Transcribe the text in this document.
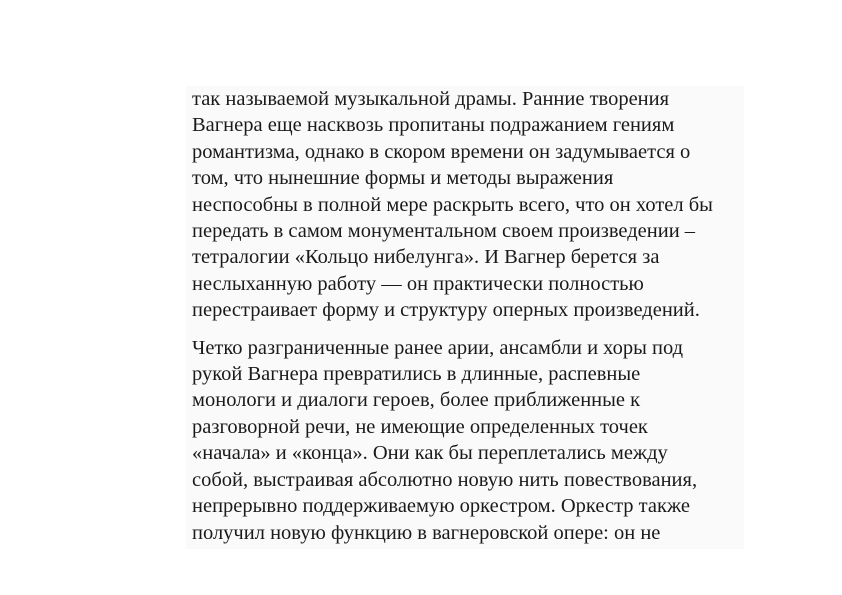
так называемой музыкальной драмы. Ранние творения

Вагнера еще насквозь пропитаны подражанием гениям

романтизма, однако в скором времени он задумывается о

том, что нынешние формы и методы выражения

неспособны в полной мере раскрыть всего, что он хотел бы

передать в самом монументальном своем произведении –

тетралогии «Кольцо нибелунга». И Вагнер берется за

неслыханную работу — он практически полностью

перестраивает форму и структуру оперных произведений.

Четко разграниченные ранее арии, ансамбли и хоры под

рукой Вагнера превратились в длинные, распевные

монологи и диалоги героев, более приближенные к

разговорной речи, не имеющие определенных точек

«начала» и «конца». Они как бы переплетались между

собой, выстраивая абсолютно новую нить повествования,

непрерывно поддерживаемую оркестром. Оркестр также

получил новую функцию в вагнеровской опере: он не
